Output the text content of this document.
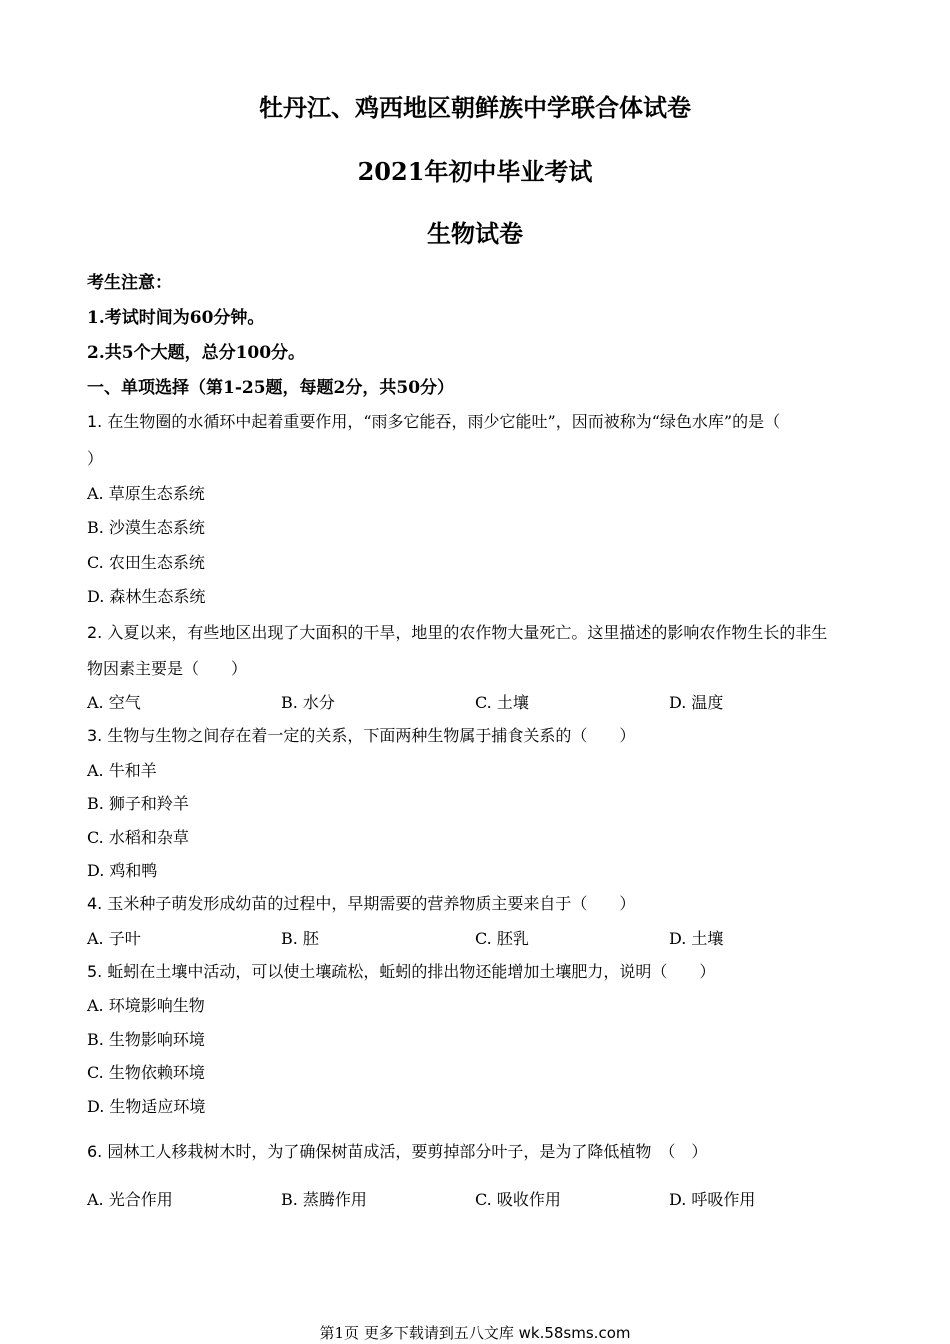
牡丹江、鸡西地区朝鲜族中学联合体试卷
2021年初中毕业考试
生物试卷
考生注意：
1.考试时间为60分钟。
2.共5个大题，总分100分。
一、单项选择（第1-25题，每题2分，共50分）
1. 在生物圈的水循环中起着重要作用，“雨多它能吞，雨少它能吐”，因而被称为“绿色水库”的是（
）
A. 草原生态系统
B. 沙漠生态系统
C. 农田生态系统
D. 森林生态系统
2. 入夏以来，有些地区出现了大面积的干旱，地里的农作物大量死亡。这里描述的影响农作物生长的非生
物因素主要是（　　）
A. 空气	B. 水分	C. 土壤	D. 温度
3. 生物与生物之间存在着一定的关系，下面两种生物属于捕食关系的（　　）
A. 牛和羊
B. 狮子和羚羊
C. 水稻和杂草
D. 鸡和鸭
4. 玉米种子萌发形成幼苗的过程中，早期需要的营养物质主要来自于（　　）
A. 子叶	B. 胚	C. 胚乳	D. 土壤
5. 蚯蚓在土壤中活动，可以使土壤疏松，蚯蚓的排出物还能增加土壤肥力，说明（　　）
A. 环境影响生物
B. 生物影响环境
C. 生物依赖环境
D. 生物适应环境
6. 园林工人移栽树木时，为了确保树苗成活，要剪掉部分叶子，是为了降低植物　（　）
A. 光合作用	B. 蒸腾作用	C. 吸收作用	D. 呼吸作用
第1页 更多下载请到五八文库 wk.58sms.com
